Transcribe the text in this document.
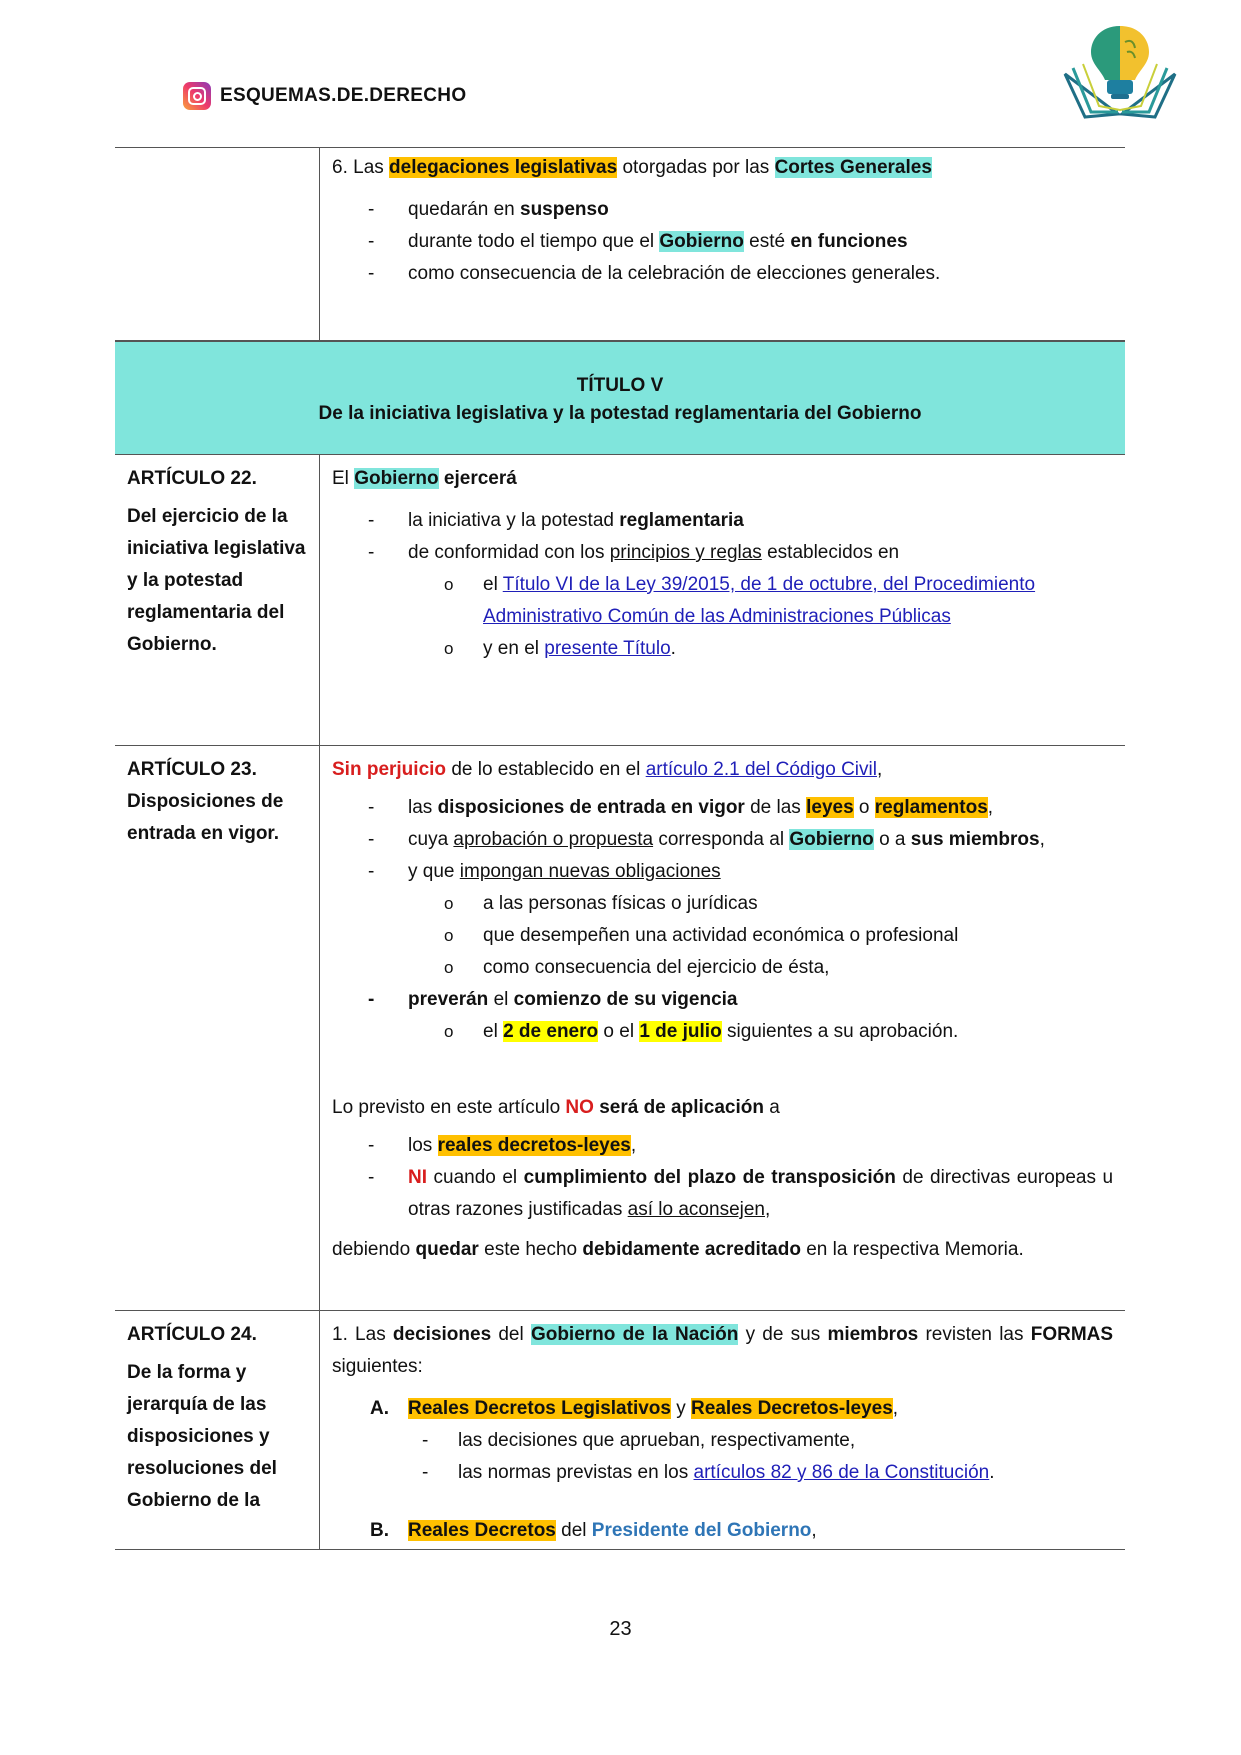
ESQUEMAS.DE.DERECHO
6. Las delegaciones legislativas otorgadas por las Cortes Generales
- quedarán en suspenso
- durante todo el tiempo que el Gobierno esté en funciones
- como consecuencia de la celebración de elecciones generales.
TÍTULO V
De la iniciativa legislativa y la potestad reglamentaria del Gobierno
ARTÍCULO 22.
Del ejercicio de la iniciativa legislativa y la potestad reglamentaria del Gobierno.
El Gobierno ejercerá
- la iniciativa y la potestad reglamentaria
- de conformidad con los principios y reglas establecidos en
o el Título VI de la Ley 39/2015, de 1 de octubre, del Procedimiento Administrativo Común de las Administraciones Públicas
o y en el presente Título.
ARTÍCULO 23.
Disposiciones de entrada en vigor.
Sin perjuicio de lo establecido en el artículo 2.1 del Código Civil,
- las disposiciones de entrada en vigor de las leyes o reglamentos,
- cuya aprobación o propuesta corresponda al Gobierno o a sus miembros,
- y que impongan nuevas obligaciones
o a las personas físicas o jurídicas
o que desempeñen una actividad económica o profesional
o como consecuencia del ejercicio de ésta,
- preverán el comienzo de su vigencia
o el 2 de enero o el 1 de julio siguientes a su aprobación.
Lo previsto en este artículo NO será de aplicación a
- los reales decretos-leyes,
- NI cuando el cumplimiento del plazo de transposición de directivas europeas u otras razones justificadas así lo aconsejen,
debiendo quedar este hecho debidamente acreditado en la respectiva Memoria.
ARTÍCULO 24.
De la forma y jerarquía de las disposiciones y resoluciones del Gobierno de la
1. Las decisiones del Gobierno de la Nación y de sus miembros revisten las FORMAS siguientes:
A. Reales Decretos Legislativos y Reales Decretos-leyes,
- las decisiones que aprueban, respectivamente,
- las normas previstas en los artículos 82 y 86 de la Constitución.
B. Reales Decretos del Presidente del Gobierno,
23
